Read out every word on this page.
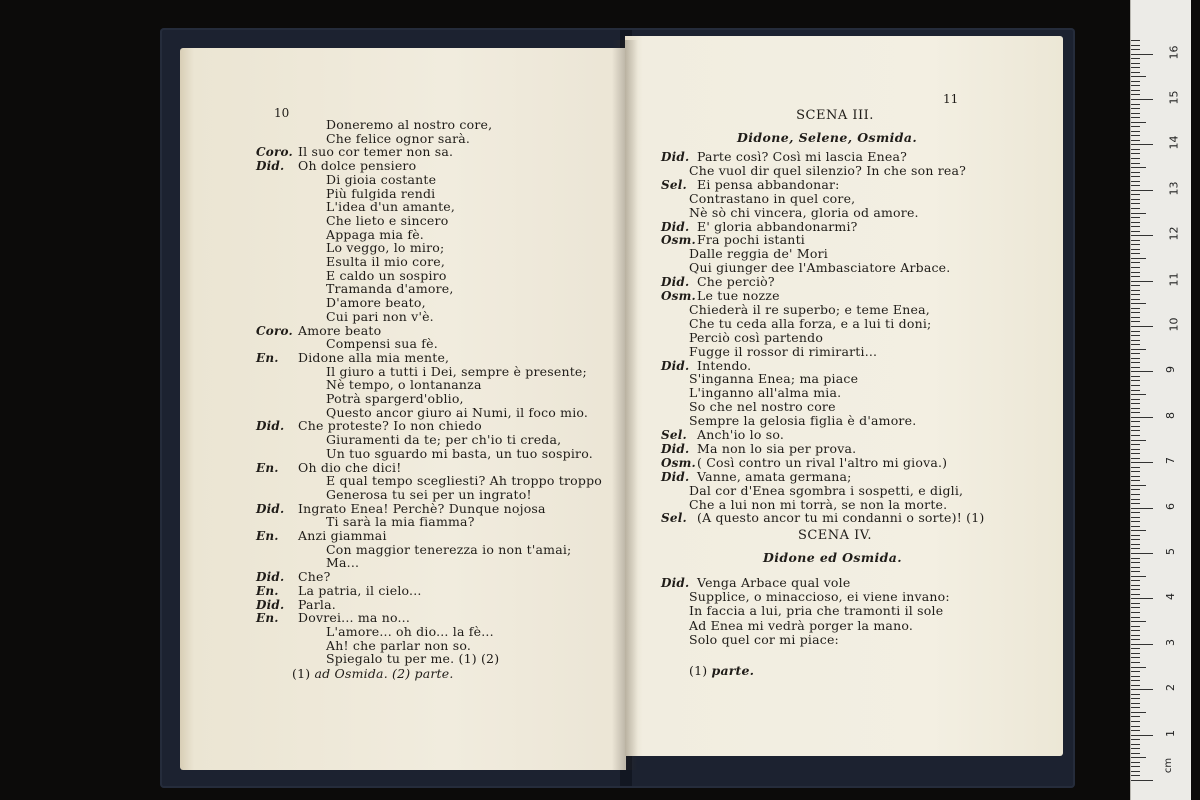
10
Doneremo al nostro core,
Che felice ognor sarà.
Coro. Il suo cor temer non sa.
Did. Oh dolce pensiero
Di gioia costante
Più fulgida rendi
L'idea d'un amante,
Che lieto e sincero
Appaga mia fè.
Lo veggo, lo miro;
Esulta il mio core,
E caldo un sospiro
Tramanda d'amore,
D'amore beato,
Cui pari non v'è.
Coro. Amore beato
Compensi sua fè.
En. Didone alla mia mente,
Il giuro a tutti i Dei, sempre è presente;
Nè tempo, o lontananza
Potrà spargerd'oblio,
Questo ancor giuro ai Numi, il foco mio.
Did. Che proteste? Io non chiedo
Giuramenti da te; per ch'io ti creda,
Un tuo sguardo mi basta, un tuo sospiro.
En. Oh dio che dici!
E qual tempo scegliesti? Ah troppo troppo
Generosa tu sei per un ingrato!
Did. Ingrato Enea! Perchè? Dunque nojosa
Ti sarà la mia fiamma?
En. Anzi giammai
Con maggior tenerezza io non t'amai;
Ma...
Did. Che?
En. La patria, il cielo...
Did. Parla.
En. Dovrei... ma no...
L'amore... oh dio... la fè...
Ah! che parlar non so.
Spiegalo tu per me. (1) (2)
(1) ad Osmida. (2) parte.
11
SCENA III.
Didone, Selene, Osmida.
Did. Parte così? Così mi lascia Enea?
Che vuol dir quel silenzio? In che son rea?
Sel. Ei pensa abbandonar:
Contrastano in quel core,
Nè sò chi vincera, gloria od amore.
Did. E' gloria abbandonarmi?
Osm. Fra pochi istanti
Dalle reggia de' Mori
Qui giunger dee l'Ambasciatore Arbace.
Did. Che perciò?
Osm. Le tue nozze
Chiederà il re superbo; e teme Enea,
Che tu ceda alla forza, e a lui ti doni;
Perciò così partendo
Fugge il rossor di rimirarti...
Did. Intendo.
S'inganna Enea; ma piace
L'inganno all'alma mia.
So che nel nostro core
Sempre la gelosia figlia è d'amore.
Sel. Anch'io lo so.
Did. Ma non lo sia per prova.
Osm. ( Così contro un rival l'altro mi giova.)
Did. Vanne, amata germana;
Dal cor d'Enea sgombra i sospetti, e digli,
Che a lui non mi torrà, se non la morte.
Sel. (A questo ancor tu mi condanni o sorte)! (1)
SCENA IV.
Didone ed Osmida.
Did. Venga Arbace qual vole
Supplice, o minaccioso, ei viene invano:
In faccia a lui, pria che tramonti il sole
Ad Enea mi vedrà porger la mano.
Solo quel cor mi piace:
(1) parte.
1
2
3
4
5
6
7
8
9
10
11
12
13
14
15
16
cm
